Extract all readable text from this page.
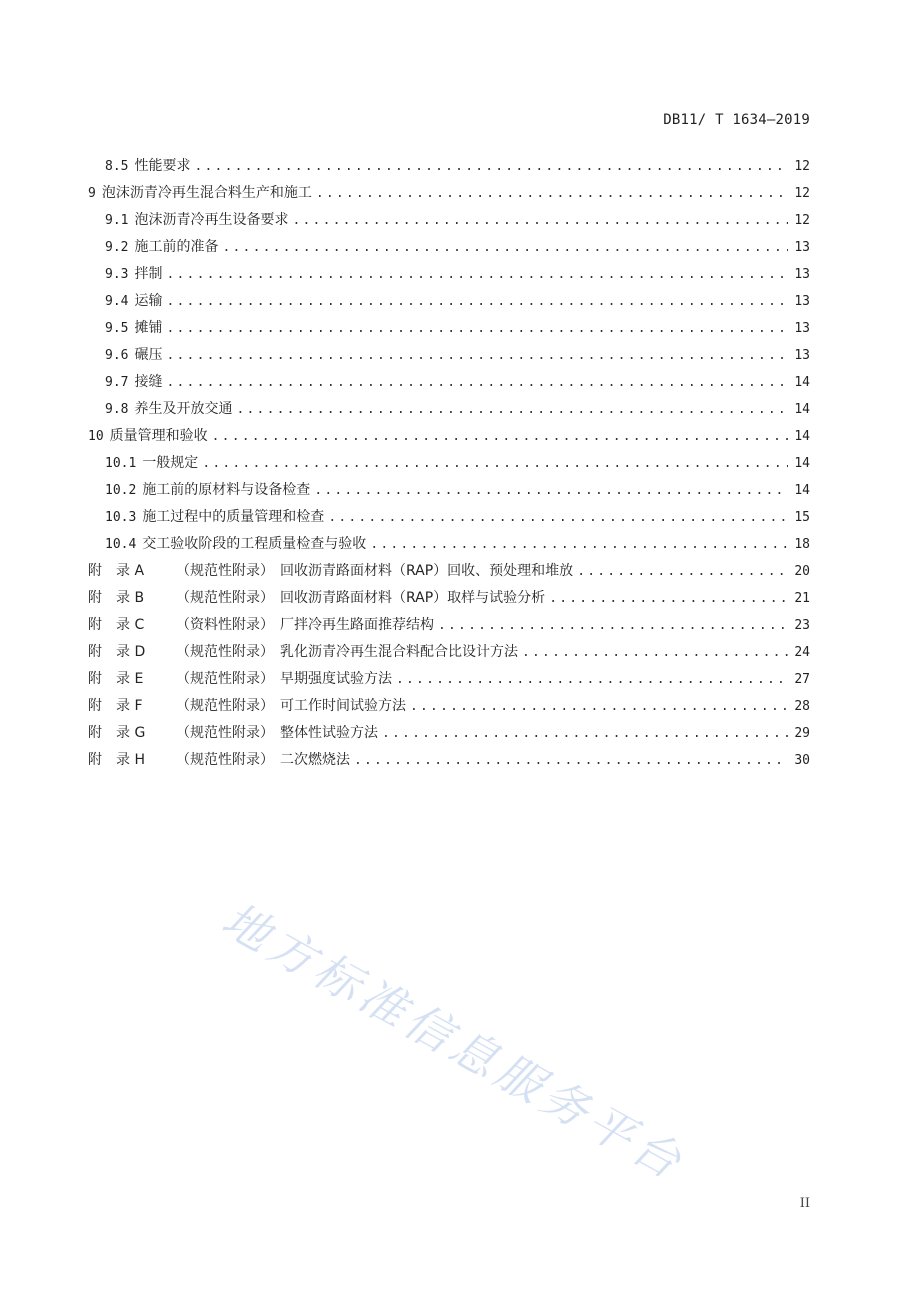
DB11/ T 1634—2019
8.5 性能要求 .....	12
9 泡沫沥青冷再生混合料生产和施工 .....	12
9.1 泡沫沥青冷再生设备要求 .....	12
9.2 施工前的准备 .....	13
9.3 拌制 .....	13
9.4 运输 .....	13
9.5 摊铺 .....	13
9.6 碾压 .....	13
9.7 接缝 .....	14
9.8 养生及开放交通 .....	14
10 质量管理和验收 .....	14
10.1 一般规定 .....	14
10.2 施工前的原材料与设备检查 .....	14
10.3 施工过程中的质量管理和检查 .....	15
10.4 交工验收阶段的工程质量检查与验收 .....	18
附　录 A	（规范性附录） 回收沥青路面材料（RAP）回收、预处理和堆放 .....	20
附　录 B	（规范性附录） 回收沥青路面材料（RAP）取样与试验分析 .....	21
附　录 C	（资料性附录） 厂拌冷再生路面推荐结构 .....	23
附　录 D	（规范性附录） 乳化沥青冷再生混合料配合比设计方法 .....	24
附　录 E	（规范性附录） 早期强度试验方法 .....	27
附　录 F	（规范性附录） 可工作时间试验方法 .....	28
附　录 G	（规范性附录） 整体性试验方法 .....	29
附　录 H	（规范性附录） 二次燃烧法 .....	30
地方标准信息服务平台
II
